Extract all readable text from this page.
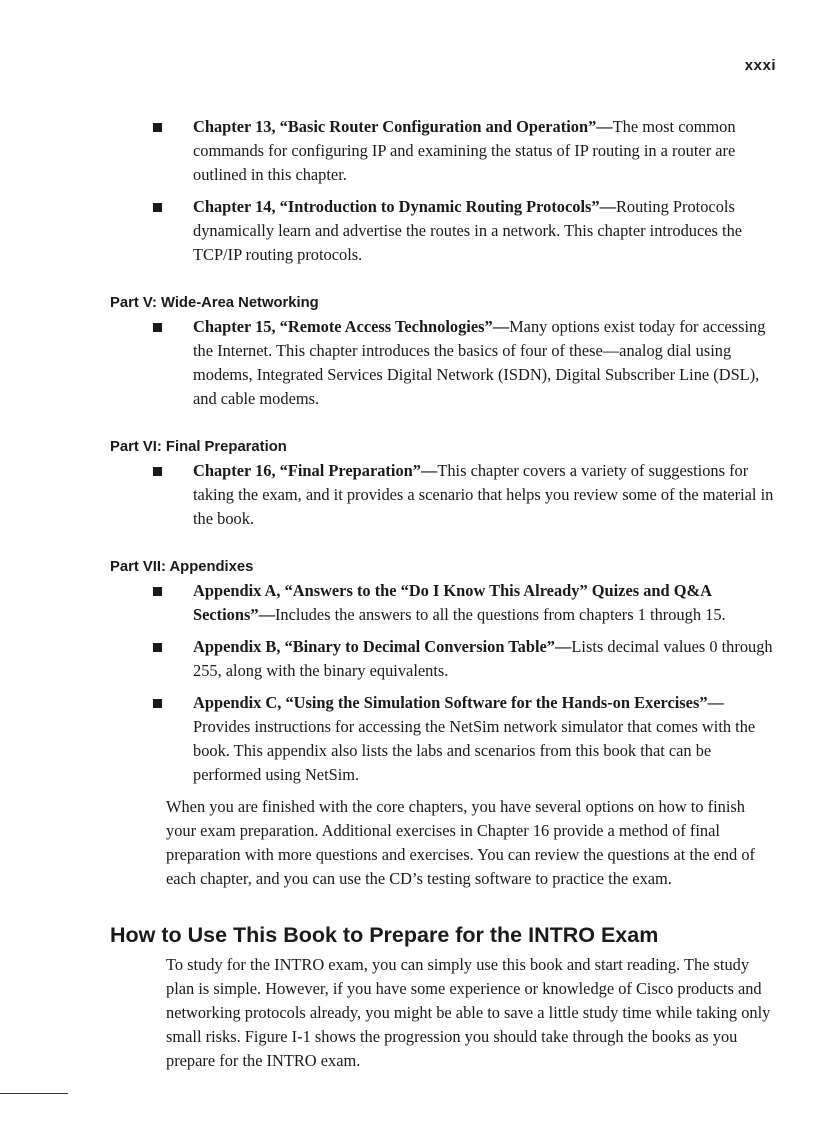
xxxi
Chapter 13, “Basic Router Configuration and Operation”—The most common commands for configuring IP and examining the status of IP routing in a router are outlined in this chapter.
Chapter 14, “Introduction to Dynamic Routing Protocols”—Routing Protocols dynamically learn and advertise the routes in a network. This chapter introduces the TCP/IP routing protocols.
Part V: Wide-Area Networking
Chapter 15, “Remote Access Technologies”—Many options exist today for accessing the Internet. This chapter introduces the basics of four of these—analog dial using modems, Integrated Services Digital Network (ISDN), Digital Subscriber Line (DSL), and cable modems.
Part VI: Final Preparation
Chapter 16, “Final Preparation”—This chapter covers a variety of suggestions for taking the exam, and it provides a scenario that helps you review some of the material in the book.
Part VII: Appendixes
Appendix A, “Answers to the “Do I Know This Already” Quizes and Q&A Sections”—Includes the answers to all the questions from chapters 1 through 15.
Appendix B, “Binary to Decimal Conversion Table”—Lists decimal values 0 through 255, along with the binary equivalents.
Appendix C, “Using the Simulation Software for the Hands-on Exercises”—Provides instructions for accessing the NetSim network simulator that comes with the book. This appendix also lists the labs and scenarios from this book that can be performed using NetSim.

When you are finished with the core chapters, you have several options on how to finish your exam preparation. Additional exercises in Chapter 16 provide a method of final preparation with more questions and exercises. You can review the questions at the end of each chapter, and you can use the CD’s testing software to practice the exam.

How to Use This Book to Prepare for the INTRO Exam

To study for the INTRO exam, you can simply use this book and start reading. The study plan is simple. However, if you have some experience or knowledge of Cisco products and networking protocols already, you might be able to save a little study time while taking only small risks. Figure I-1 shows the progression you should take through the books as you prepare for the INTRO exam.
